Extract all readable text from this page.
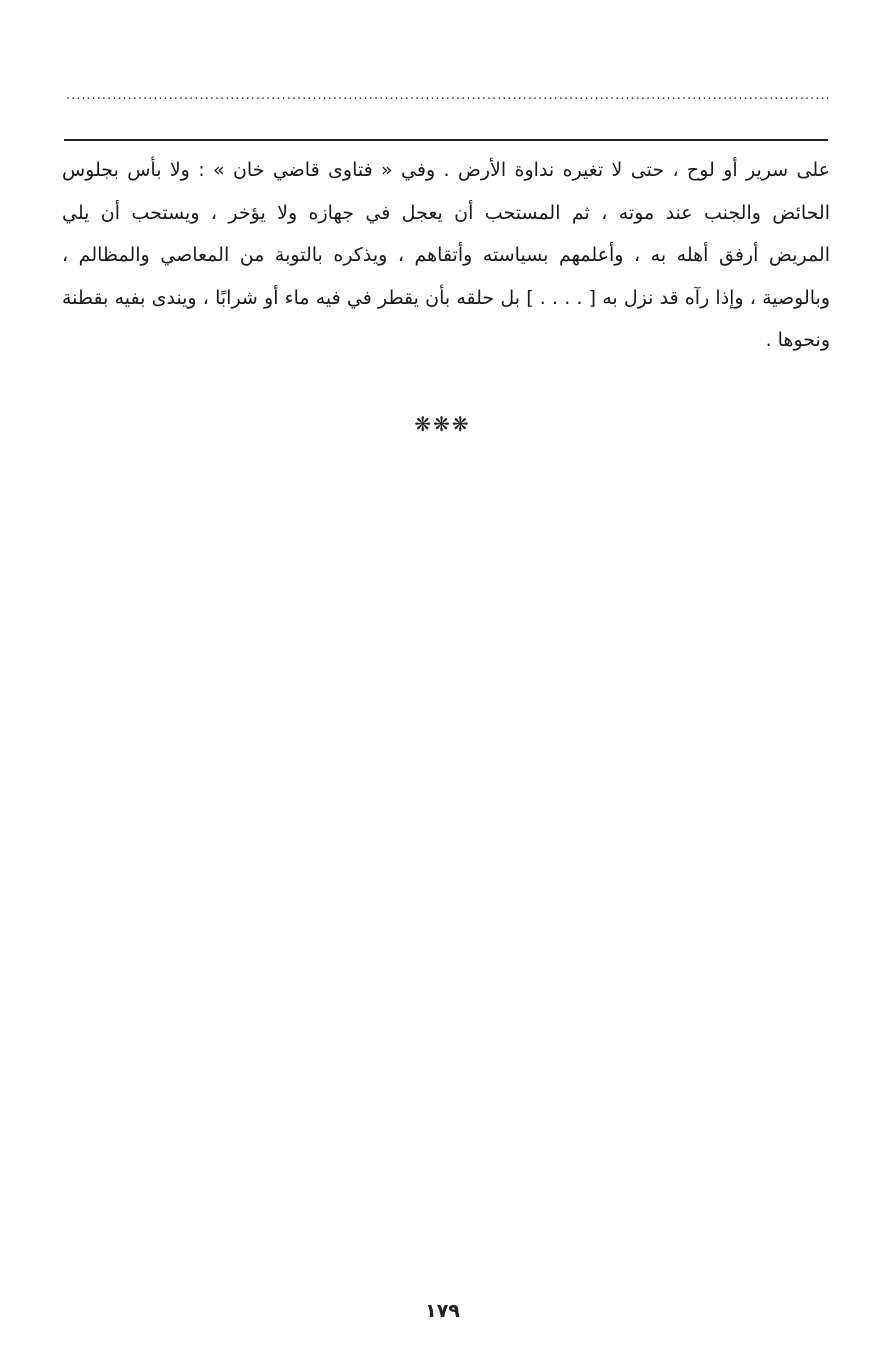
.....
على سرير أو لوح ، حتى لا تغيره نداوة الأرض . وفي « فتاوى قاضي خان » : ولا بأس بجلوس
الحائض والجنب عند موته ، ثم المستحب أن يعجل في جهازه ولا يؤخر ، ويستحب أن يلي
المريض أرفق أهله به ، وأعلمهم بسياسته وأتقاهم ، ويذكره بالتوبة من المعاصي والمظالم ،
وبالوصية ، وإذا رآه قد نزل به [ . . . . ] بل حلقه بأن يقطر في فيه ماء أو شرابًا ، ويندى بفيه بقطنة
ونحوها .
❋❋❋
١٧٩
